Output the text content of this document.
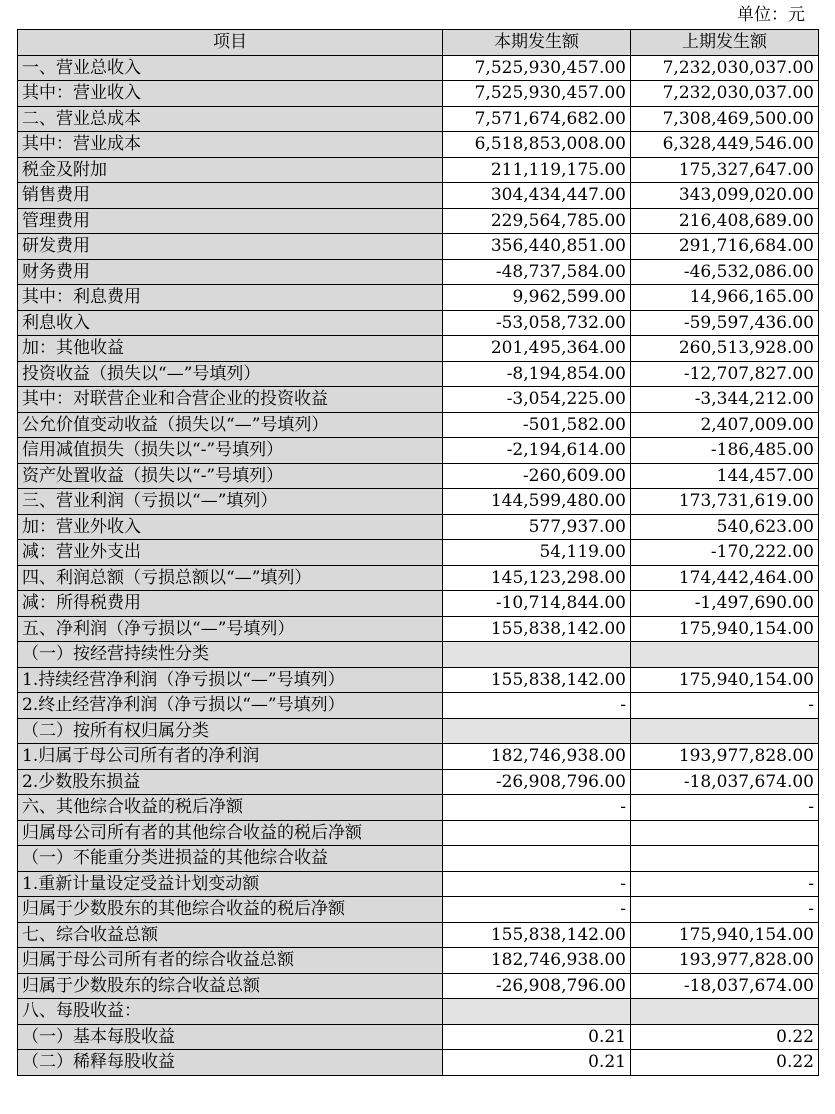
单位：元
项目	本期发生额	上期发生额
一、营业总收入	7,525,930,457.00	7,232,030,037.00
其中：营业收入	7,525,930,457.00	7,232,030,037.00
二、营业总成本	7,571,674,682.00	7,308,469,500.00
其中：营业成本	6,518,853,008.00	6,328,449,546.00
税金及附加	211,119,175.00	175,327,647.00
销售费用	304,434,447.00	343,099,020.00
管理费用	229,564,785.00	216,408,689.00
研发费用	356,440,851.00	291,716,684.00
财务费用	-48,737,584.00	-46,532,086.00
其中：利息费用	9,962,599.00	14,966,165.00
利息收入	-53,058,732.00	-59,597,436.00
加：其他收益	201,495,364.00	260,513,928.00
投资收益（损失以“—”号填列）	-8,194,854.00	-12,707,827.00
其中：对联营企业和合营企业的投资收益	-3,054,225.00	-3,344,212.00
公允价值变动收益（损失以“—”号填列）	-501,582.00	2,407,009.00
信用减值损失（损失以“-”号填列）	-2,194,614.00	-186,485.00
资产处置收益（损失以“-”号填列）	-260,609.00	144,457.00
三、营业利润（亏损以“—”填列）	144,599,480.00	173,731,619.00
加：营业外收入	577,937.00	540,623.00
减：营业外支出	54,119.00	-170,222.00
四、利润总额（亏损总额以“—”填列）	145,123,298.00	174,442,464.00
减：所得税费用	-10,714,844.00	-1,497,690.00
五、净利润（净亏损以“—”号填列）	155,838,142.00	175,940,154.00
（一）按经营持续性分类		
1.持续经营净利润（净亏损以“—”号填列）	155,838,142.00	175,940,154.00
2.终止经营净利润（净亏损以“—”号填列）	-	-
（二）按所有权归属分类		
1.归属于母公司所有者的净利润	182,746,938.00	193,977,828.00
2.少数股东损益	-26,908,796.00	-18,037,674.00
六、其他综合收益的税后净额	-	-
归属母公司所有者的其他综合收益的税后净额		
（一）不能重分类进损益的其他综合收益		
1.重新计量设定受益计划变动额	-	-
归属于少数股东的其他综合收益的税后净额	-	-
七、综合收益总额	155,838,142.00	175,940,154.00
归属于母公司所有者的综合收益总额	182,746,938.00	193,977,828.00
归属于少数股东的综合收益总额	-26,908,796.00	-18,037,674.00
八、每股收益：		
（一）基本每股收益	0.21	0.22
（二）稀释每股收益	0.21	0.22
